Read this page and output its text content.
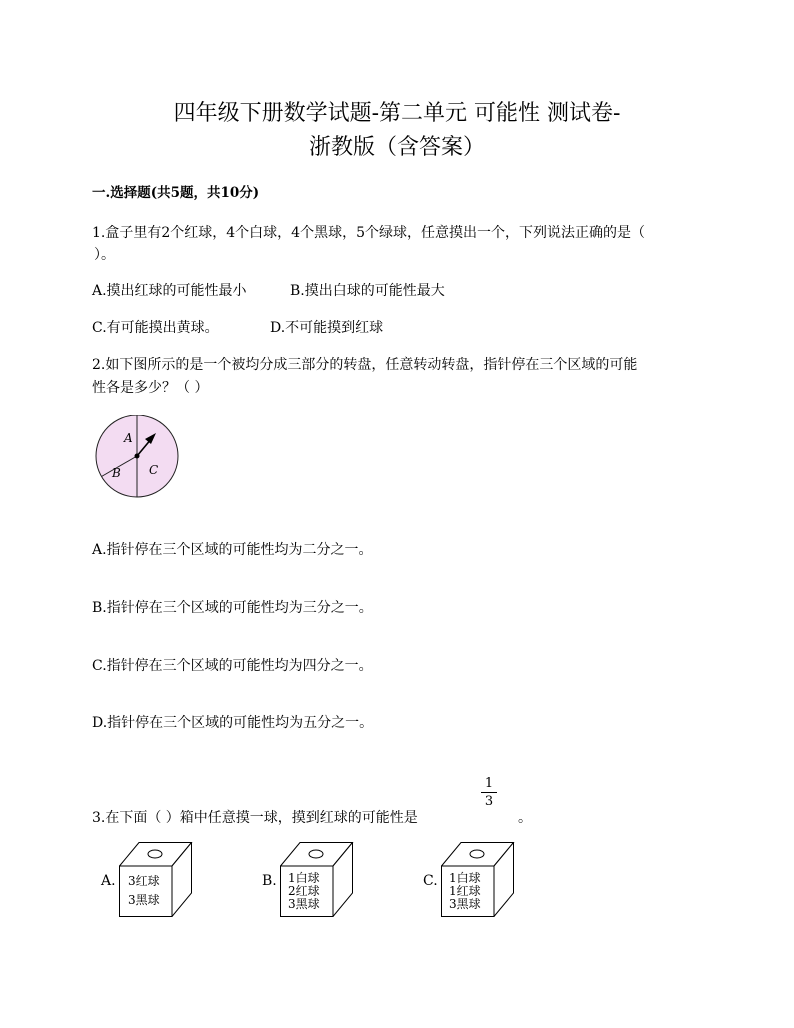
四年级下册数学试题-第二单元 可能性 测试卷-
浙教版（含答案）
一.选择题(共5题，共10分)
1.盒子里有2个红球，4个白球，4个黑球，5个绿球，任意摸出一个，下列说法正确的是（
）。
A.摸出红球的可能性最小	B.摸出白球的可能性最大
C.有可能摸出黄球。	D.不可能摸到红球
2.如下图所示的是一个被均分成三部分的转盘，任意转动转盘，指针停在三个区域的可能
性各是多少？（ ）
A
B C
A.指针停在三个区域的可能性均为二分之一。
B.指针停在三个区域的可能性均为三分之一。
C.指针停在三个区域的可能性均为四分之一。
D.指针停在三个区域的可能性均为五分之一。
3.在下面（ ）箱中任意摸一球，摸到红球的可能性是
1
3
。
A. 3红球
3黑球
B. 1白球
2红球
3黑球
C. 1白球
1红球
3黑球
